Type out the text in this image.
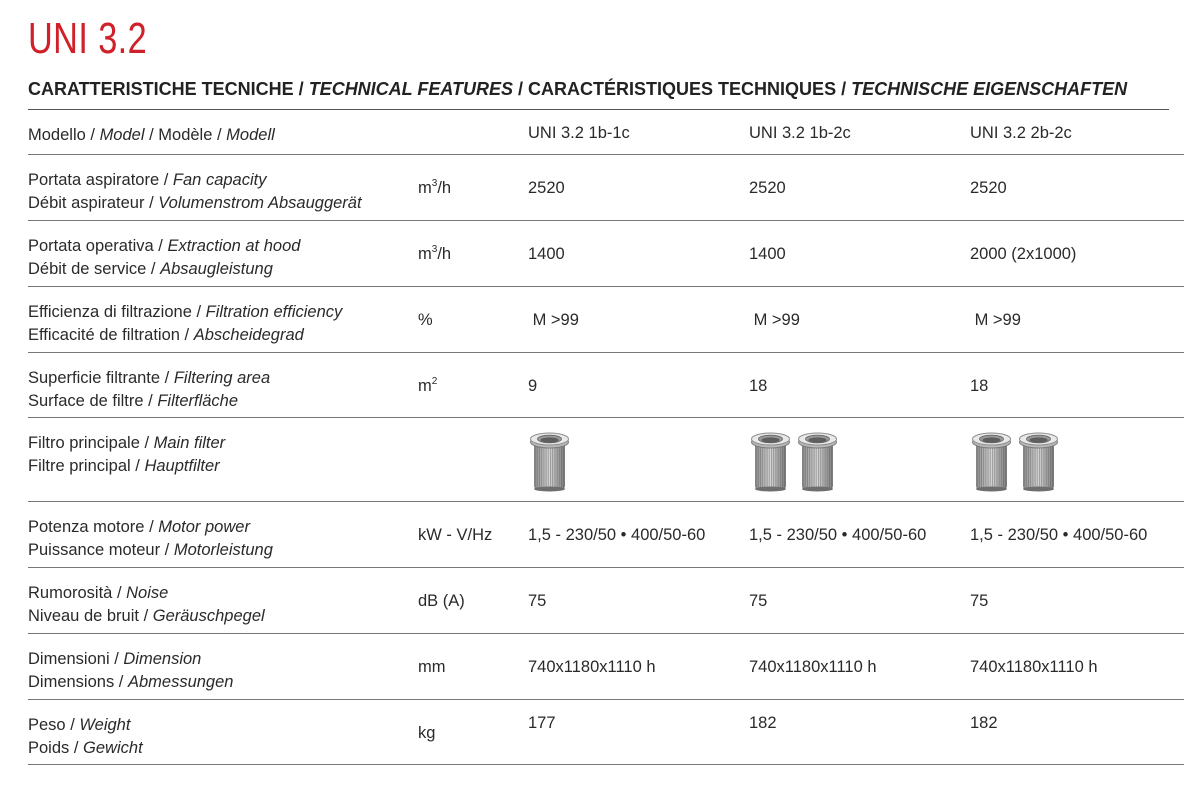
UNI 3.2
CARATTERISTICHE TECNICHE / TECHNICAL FEATURES / CARACTÉRISTIQUES TECHNIQUES / TECHNISCHE EIGENSCHAFTEN
Modello / Model / Modèle / Modell		UNI 3.2 1b-1c	UNI 3.2 1b-2c	UNI 3.2 2b-2c

Portata aspiratore / Fan capacity
Débit aspirateur / Volumenstrom Absauggerät	$m^3/h$	2520	2520	2520

Portata operativa / Extraction at hood
Débit de service / Absaugleistung	$m^3/h$	1400	1400	2000 (2x1000)

Efficienza di filtrazione / Filtration efficiency
Efficacité de filtration / Abscheidegrad	%	M >99	M >99	M >99

Superficie filtrante / Filtering area
Surface de filtre / Filterfläche	$m^2$	9	18	18

Filtro principale / Main filter
Filtre principal / Hauptfilter

Potenza motore / Motor power
Puissance moteur / Motorleistung	kW - V/Hz	1,5 - 230/50 • 400/50-60	1,5 - 230/50 • 400/50-60	1,5 - 230/50 • 400/50-60

Rumorosità / Noise
Niveau de bruit / Geräuschpegel	dB (A)	75	75	75

Dimensioni / Dimension
Dimensions / Abmessungen	mm	740x1180x1110 h	740x1180x1110 h	740x1180x1110 h

Peso / Weight
Poids / Gewicht	kg	177	182	182
